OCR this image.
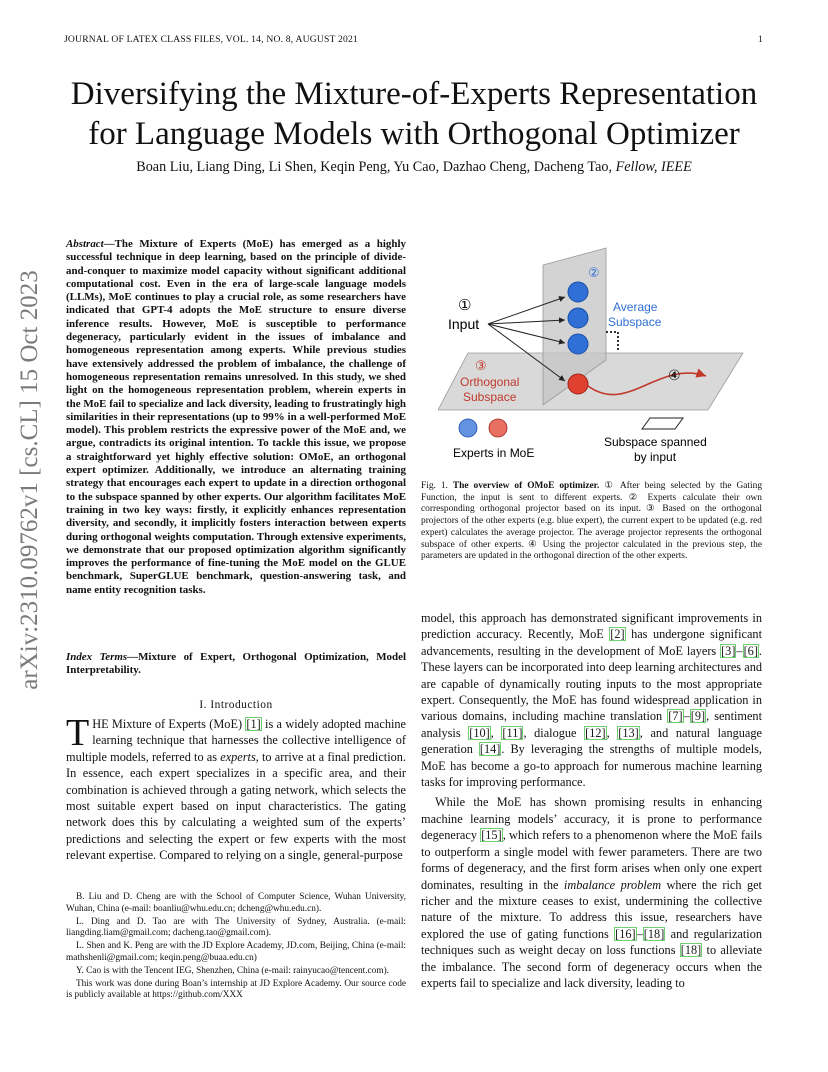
JOURNAL OF LATEX CLASS FILES, VOL. 14, NO. 8, AUGUST 2021	1
arXiv:2310.09762v1 [cs.CL] 15 Oct 2023
Diversifying the Mixture-of-Experts Representation
for Language Models with Orthogonal Optimizer
Boan Liu, Liang Ding, Li Shen, Keqin Peng, Yu Cao, Dazhao Cheng, Dacheng Tao, Fellow, IEEE
Abstract—The Mixture of Experts (MoE) has emerged as a highly successful technique in deep learning, based on the principle of divide-and-conquer to maximize model capacity without significant additional computational cost. Even in the era of large-scale language models (LLMs), MoE continues to play a crucial role, as some researchers have indicated that GPT-4 adopts the MoE structure to ensure diverse inference results. However, MoE is susceptible to performance degeneracy, particularly evident in the issues of imbalance and homogeneous representation among experts. While previous studies have extensively addressed the problem of imbalance, the challenge of homogeneous representation remains unresolved. In this study, we shed light on the homogeneous representation problem, wherein experts in the MoE fail to specialize and lack diversity, leading to frustratingly high similarities in their representations (up to 99% in a well-performed MoE model). This problem restricts the expressive power of the MoE and, we argue, contradicts its original intention. To tackle this issue, we propose a straightforward yet highly effective solution: OMoE, an orthogonal expert optimizer. Additionally, we introduce an alternating training strategy that encourages each expert to update in a direction orthogonal to the subspace spanned by other experts. Our algorithm facilitates MoE training in two key ways: firstly, it explicitly enhances representation diversity, and secondly, it implicitly fosters interaction between experts during orthogonal weights computation. Through extensive experiments, we demonstrate that our proposed optimization algorithm significantly improves the performance of fine-tuning the MoE model on the GLUE benchmark, SuperGLUE benchmark, question-answering task, and name entity recognition tasks.
Index Terms—Mixture of Expert, Orthogonal Optimization, Model Interpretability.
I. Introduction
THE Mixture of Experts (MoE) [1] is a widely adopted machine learning technique that harnesses the collective intelligence of multiple models, referred to as experts, to arrive at a final prediction. In essence, each expert specializes in a specific area, and their combination is achieved through a gating network, which selects the most suitable expert based on input characteristics. The gating network does this by calculating a weighted sum of the experts’ predictions and selecting the expert or few experts with the most relevant expertise. Compared to relying on a single, general-purpose

B. Liu and D. Cheng are with the School of Computer Science, Wuhan University, Wuhan, China (e-mail: boanliu@whu.edu.cn; dcheng@whu.edu.cn).

L. Ding and D. Tao are with The University of Sydney, Australia. (e-mail: liangding.liam@gmail.com; dacheng.tao@gmail.com).

L. Shen and K. Peng are with the JD Explore Academy, JD.com, Beijing, China (e-mail: mathshenli@gmail.com; keqin.peng@buaa.edu.cn)

Y. Cao is with the Tencent IEG, Shenzhen, China (e-mail: rainyucao@tencent.com).

This work was done during Boan’s internship at JD Explore Academy. Our source code is publicly available at https://github.com/XXX

①
Input
②
Average
Subspace
③
Orthogonal
Subspace
④
Experts in MoE
Subspace spanned
by input
Fig. 1. The overview of OMoE optimizer. ① After being selected by the Gating Function, the input is sent to different experts. ② Experts calculate their own corresponding orthogonal projector based on its input. ③ Based on the orthogonal projectors of the other experts (e.g. blue expert), the current expert to be updated (e.g. red expert) calculates the average projector. The average projector represents the orthogonal subspace of other experts. ④ Using the projector calculated in the previous step, the parameters are updated in the orthogonal direction of the other experts.

model, this approach has demonstrated significant improvements in prediction accuracy. Recently, MoE [2] has undergone significant advancements, resulting in the development of MoE layers [3]–[6]. These layers can be incorporated into deep learning architectures and are capable of dynamically routing inputs to the most appropriate expert. Consequently, the MoE has found widespread application in various domains, including machine translation [7]–[9], sentiment analysis [10], [11], dialogue [12], [13], and natural language generation [14]. By leveraging the strengths of multiple models, MoE has become a go-to approach for numerous machine learning tasks for improving performance.

While the MoE has shown promising results in enhancing machine learning models’ accuracy, it is prone to performance degeneracy [15], which refers to a phenomenon where the MoE fails to outperform a single model with fewer parameters. There are two forms of degeneracy, and the first form arises when only one expert dominates, resulting in the imbalance problem where the rich get richer and the mixture ceases to exist, undermining the collective nature of the mixture. To address this issue, researchers have explored the use of gating functions [16]–[18] and regularization techniques such as weight decay on loss functions [18] to alleviate the imbalance. The second form of degeneracy occurs when the experts fail to specialize and lack diversity, leading to
